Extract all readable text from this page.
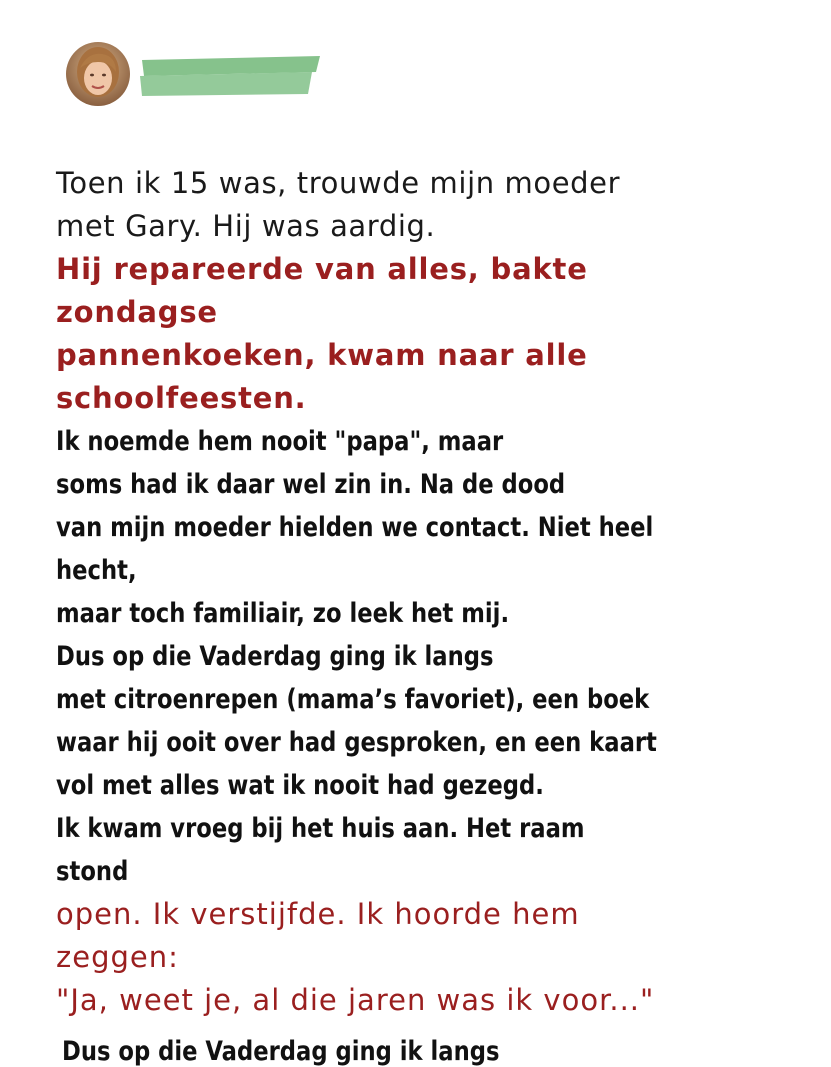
Toen ik 15 was, trouwde mijn moeder
met Gary. Hij was aardig.
Hij repareerde van alles, bakte
zondagse
pannenkoeken, kwam naar alle
schoolfeesten.
Ik noemde hem nooit "papa", maar
soms had ik daar wel zin in. Na de dood
van mijn moeder hielden we contact. Niet heel
hecht,
maar toch familiair, zo leek het mij.
Dus op die Vaderdag ging ik langs
met citroenrepen (mama’s favoriet), een boek
waar hij ooit over had gesproken, en een kaart
vol met alles wat ik nooit had gezegd.
Ik kwam vroeg bij het huis aan. Het raam
stond
open. Ik verstijfde. Ik hoorde hem
zeggen:
"Ja, weet je, al die jaren was ik voor..."
Dus op die Vaderdag ging ik langs
